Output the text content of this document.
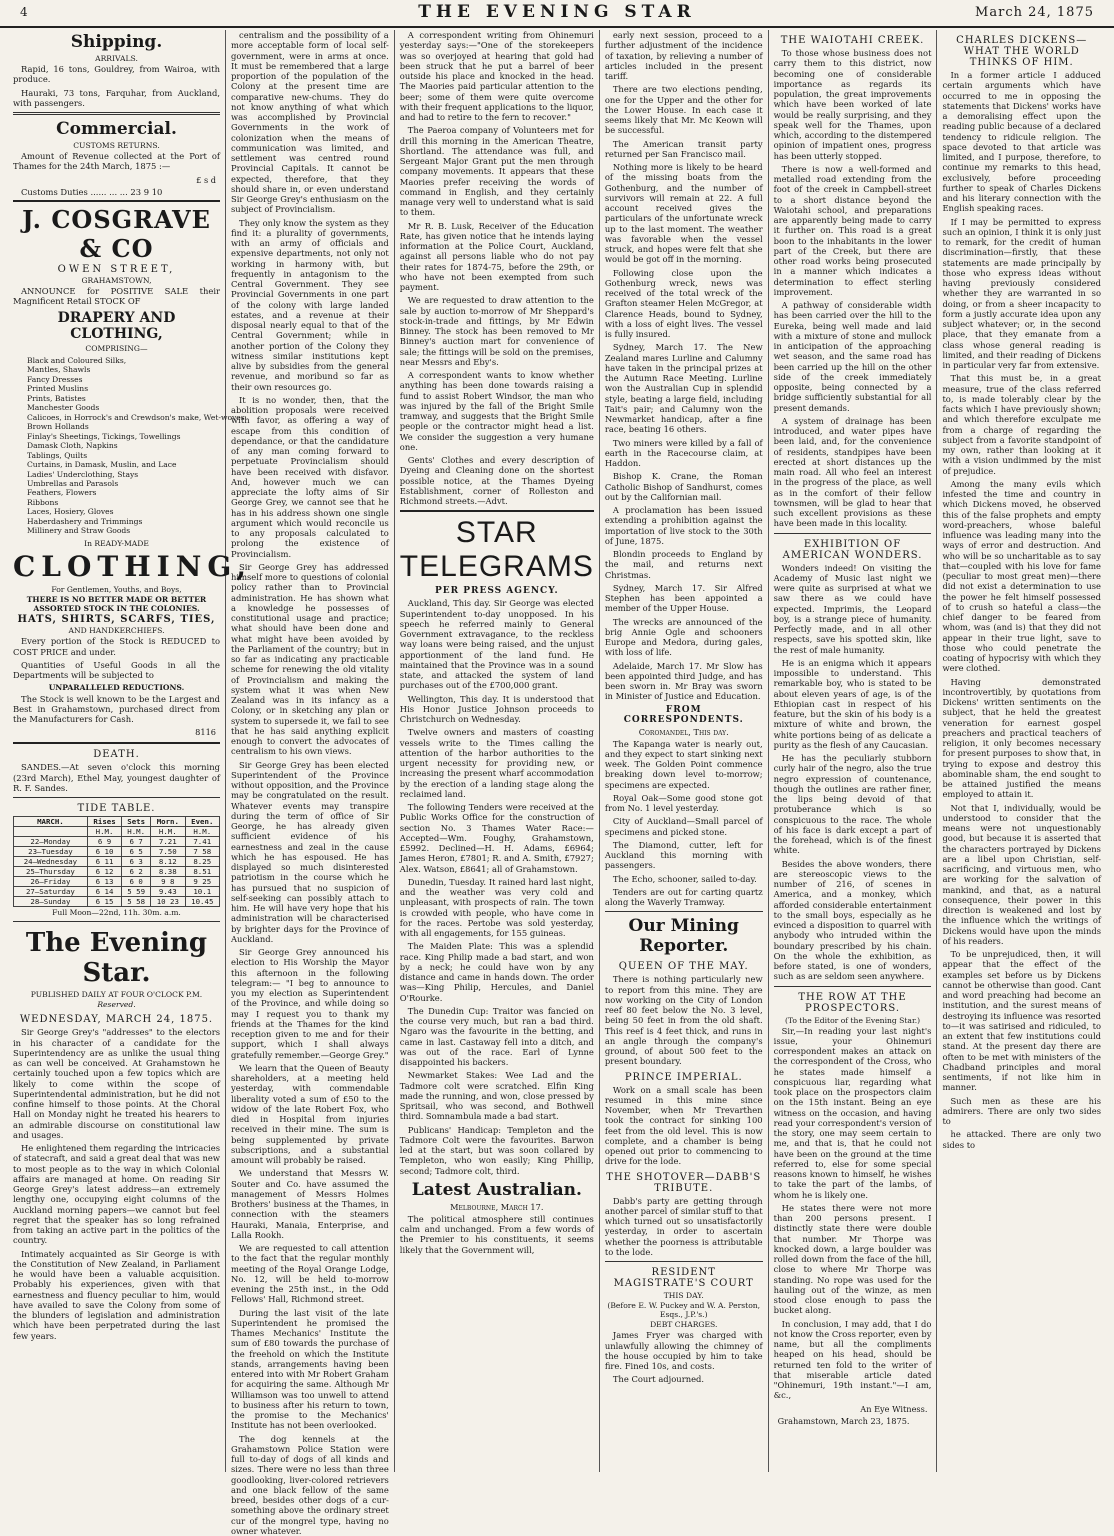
4	THE EVENING STAR	March 24, 1875
Shipping.
ARRIVALS.

Rapid, 16 tons, Gouldrey, from Wairoa, with produce.

Hauraki, 73 tons, Farquhar, from Auckland, with passengers.

Commercial.
CUSTOMS RETURNS.

Amount of Revenue collected at the Port of Thames for the 24th March, 1875 :—

£ s d

Customs Duties ...... ... ... 23 9 10

J. COSGRAVE & CO
OWEN STREET,
GRAHAMSTOWN,

ANNOUNCE for POSITIVE SALE their Magnificent Retail STOCK OF

DRAPERY AND CLOTHING,
COMPRISING—
Black and Coloured Silks,
Mantles, Shawls
Fancy Dresses
Printed Muslins
Prints, Batistes
Manchester Goods
Calicoes, in Horrock's and Crewdson's make, Wet-woves
Brown Hollands
Finlay's Sheetings, Tickings, Towellings
Damask Cloth, Napkins
Tablings, Quilts
Curtains, in Damask, Muslin, and Lace
Ladies' Underclothing, Stays
Umbrellas and Parasols
Feathers, Flowers
Ribbons
Laces, Hosiery, Gloves
Haberdashery and Trimmings
Millinery and Straw Goods
In READY-MADE
CLOTHING,
For Gentlemen, Youths, and Boys,
THERE IS NO BETTER MADE OR BETTER ASSORTED STOCK IN THE COLONIES.
HATS, SHIRTS, SCARFS, TIES,
AND HANDKERCHIEFS.

Every portion of the Stock is REDUCED to COST PRICE and under.

Quantities of Useful Goods in all the Departments will be subjected to

UNPARALLELED REDUCTIONS.

The Stock is well known to be the Largest and Best in Grahamstown, purchased direct from the Manufacturers for Cash.

8116
DEATH.

SANDES.—At seven o'clock this morning (23rd March), Ethel May, youngest daughter of R. F. Sandes.

TIDE TABLE.
MARCH.	Rises	Sets	Morn.	Even.
	H.M.	H.M.	H.M.	H.M.
22—Monday	6 9	6 7	7.21	7.41
23—Tuesday	6 10	6 5	7.50	7 58
24—Wednesday	6 11	6 3	8.12	8.25
25—Thursday	6 12	6 2	8.38	8.51
26—Friday	6 13	6 0	9 8	9 25
27—Saturday	6 14	5 59	9.43	10.1
28—Sunday	6 15	5 58	10 23	10.45
Full Moon—22nd, 11h. 30m. a.m.
The Evening Star.
PUBLISHED DAILY AT FOUR O'CLOCK P.M.
Reserved.
WEDNESDAY, MARCH 24, 1875.

Sir George Grey's "addresses" to the electors in his character of a candidate for the Superintendency are as unlike the usual thing as can well be conceived. At Grahamstown he certainly touched upon a few topics which are likely to come within the scope of Superintendental administration, but he did not confine himself to those points. At the Choral Hall on Monday night he treated his hearers to an admirable discourse on constitutional law and usages.

He enlightened them regarding the intricacies of statecraft, and said a great deal that was new to most people as to the way in which Colonial affairs are managed at home. On reading Sir George Grey's latest address—an extremely lengthy one, occupying eight columns of the Auckland morning papers—we cannot but feel regret that the speaker has so long refrained from taking an active part in the politics of the country.

Intimately acquainted as Sir George is with the Constitution of New Zealand, in Parliament he would have been a valuable acquisition. Probably his experiences, given with that earnestness and fluency peculiar to him, would have availed to save the Colony from some of the blunders of legislation and administration which have been perpetrated during the last few years.

centralism and the possibility of a more acceptable form of local self-government, were in arms at once. It must be remembered that a large proportion of the population of the Colony at the present time are comparative new-chums. They do not know anything of what which was accomplished by Provincial Governments in the work of colonization when the means of communication was limited, and settlement was centred round Provincial Capitals. It cannot be expected, therefore, that they should share in, or even understand Sir George Grey's enthusiasm on the subject of Provincialism.

They only know the system as they find it: a plurality of governments, with an army of officials and expensive departments, not only not working in harmony with, but frequently in antagonism to the Central Government. They see Provincial Governments in one part of the colony with large landed estates, and a revenue at their disposal nearly equal to that of the Central Government; while in another portion of the Colony they witness similar institutions kept alive by subsidies from the general revenue, and moribund so far as their own resources go.

It is no wonder, then, that the abolition proposals were received with favor, as offering a way of escape from this condition of dependance, or that the candidature of any man coming forward to perpetuate Provincialism should have been received with disfavor. And, however much we can appreciate the lofty aims of Sir George Grey, we cannot see that he has in his address shown one single argument which would reconcile us to any proposals calculated to prolong the existence of Provincialism.

Sir George Grey has addressed himself more to questions of colonial policy rather than to Provincial administration. He has shown what a knowledge he possesses of constitutional usage and practice; what should have been done and what might have been avoided by the Parliament of the country; but in so far as indicating any practicable scheme for renewing the old vitality of Provincialism and making the system what it was when New Zealand was in its infancy as a Colony, or in sketching any plan or system to supersede it, we fail to see that he has said anything explicit enough to convert the advocates of centralism to his own views.

Sir George Grey has been elected Superintendent of the Province without opposition, and the Province may be congratulated on the result. Whatever events may transpire during the term of office of Sir George, he has already given sufficient evidence of his earnestness and zeal in the cause which he has espoused. He has displayed so much disinterested patriotism in the course which he has pursued that no suspicion of self-seeking can possibly attach to him. He will have very hope that his administration will be characterised by brighter days for the Province of Auckland.

Sir George Grey announced his election to His Worship the Mayor this afternoon in the following telegram:— "I beg to announce to you my election as Superintendent of the Province, and while doing so may I request you to thank my friends at the Thames for the kind reception given to me and for their support, which I shall always gratefully remember.—George Grey."

We learn that the Queen of Beauty shareholders, at a meeting held yesterday, with commendable liberality voted a sum of £50 to the widow of the late Robert Fox, who died in Hospital from injuries received in their mine. The sum is being supplemented by private subscriptions, and a substantial amount will probably be raised.

We understand that Messrs W. Souter and Co. have assumed the management of Messrs Holmes Brothers' business at the Thames, in connection with the steamers Hauraki, Manaia, Enterprise, and Lalla Rookh.

We are requested to call attention to the fact that the regular monthly meeting of the Royal Orange Lodge, No. 12, will be held to-morrow evening the 25th inst., in the Odd Fellows' Hall, Richmond street.

During the last visit of the late Superintendent he promised the Thames Mechanics' Institute the sum of £80 towards the purchase of the freehold on which the Institute stands, arrangements having been entered into with Mr Robert Graham for acquiring the same. Although Mr Williamson was too unwell to attend to business after his return to town, the promise to the Mechanics' Institute has not been overlooked.

The dog kennels at the Grahamstown Police Station were full to-day of dogs of all kinds and sizes. There were no less than three goodlooking, liver-colored retrievers and one black fellow of the same breed, besides other dogs of a cur-something above the ordinary street cur of the mongrel type, having no owner whatever.

A correspondent writing from Ohinemuri yesterday says:—"One of the storekeepers was so overjoyed at hearing that gold had been struck that he put a barrel of beer outside his place and knocked in the head. The Maories paid particular attention to the beer; some of them were quite overcome with their frequent applications to the liquor, and had to retire to the fern to recover."

The Paeroa company of Volunteers met for drill this morning in the American Theatre, Shortland. The attendance was full, and Sergeant Major Grant put the men through company movements. It appears that these Maories prefer receiving the words of command in English, and they certainly manage very well to understand what is said to them.

Mr R. B. Lusk, Receiver of the Education Rate, has given notice that he intends laying information at the Police Court, Auckland, against all persons liable who do not pay their rates for 1874-75, before the 29th, or who have not been exempted from such payment.

We are requested to draw attention to the sale by auction to-morrow of Mr Sheppard's stock-in-trade and fittings, by Mr Edwin Binney. The stock has been removed to Mr Binney's auction mart for convenience of sale; the fittings will be sold on the premises, near Messrs and Eby's.

A correspondent wants to know whether anything has been done towards raising a fund to assist Robert Windsor, the man who was injured by the fall of the Bright Smile tramway, and suggests that the Bright Smile people or the contractor might head a list. We consider the suggestion a very humane one.

Gents' Clothes and every description of Dyeing and Cleaning done on the shortest possible notice, at the Thames Dyeing Establishment, corner of Rolleston and Richmond streets.—Advt.

STAR TELEGRAMS
PER PRESS AGENCY.

Auckland, This day. Sir George was elected Superintendent to-day unopposed. In his speech he referred mainly to General Government extravagance, to the reckless way loans were being raised, and the unjust apportionment of the land fund. He maintained that the Province was in a sound state, and attacked the system of land purchases out of the £700,000 grant.

Wellington, This day. It is understood that His Honor Justice Johnson proceeds to Christchurch on Wednesday.

Twelve owners and masters of coasting vessels write to the Times calling the attention of the harbor authorities to the urgent necessity for providing new, or increasing the present wharf accommodation by the erection of a landing stage along the reclaimed land.

The following Tenders were received at the Public Works Office for the construction of section No. 3 Thames Water Race:—Accepted—Wm. Foughy, Grahamstown, £5992. Declined—H. H. Adams, £6964; James Heron, £7801; R. and A. Smith, £7927; Alex. Watson, £8641; all of Grahamstown.

Dunedin, Tuesday. It rained hard last night, and the weather was very cold and unpleasant, with prospects of rain. The town is crowded with people, who have come in for the races. Pertobe was sold yesterday, with all engagements, for 155 guineas.

The Maiden Plate: This was a splendid race. King Philip made a bad start, and won by a neck; he could have won by any distance and came in hands down. The order was—King Philip, Hercules, and Daniel O'Rourke.

The Dunedin Cup: Traitor was fancied on the course very much, but ran a bad third. Ngaro was the favourite in the betting, and came in last. Castaway fell into a ditch, and was out of the race. Earl of Lynne disappointed his backers.

Newmarket Stakes: Wee Lad and the Tadmore colt were scratched. Elfin King made the running, and won, close pressed by Spritsail, who was second, and Bothwell third. Somnambula made a bad start.

Publicans' Handicap: Templeton and the Tadmore Colt were the favourites. Barwon led at the start, but was soon collared by Templeton, who won easily; King Phillip, second; Tadmore colt, third.

Latest Australian.
Melbourne, March 17.

The political atmosphere still continues calm and unchanged. From a few words of the Premier to his constituents, it seems likely that the Government will,

early next session, proceed to a further adjustment of the incidence of taxation, by relieving a number of articles included in the present tariff.

There are two elections pending, one for the Upper and the other for the Lower House. In each case it seems likely that Mr. Mc Keown will be successful.

The American transit party returned per San Francisco mail.

Nothing more is likely to be heard of the missing boats from the Gothenburg, and the number of survivors will remain at 22. A full account received gives the particulars of the unfortunate wreck up to the last moment. The weather was favorable when the vessel struck, and hopes were felt that she would be got off in the morning.

Following close upon the Gothenburg wreck, news was received of the total wreck of the Grafton steamer Helen McGregor, at Clarence Heads, bound to Sydney, with a loss of eight lives. The vessel is fully insured.

Sydney, March 17. The New Zealand mares Lurline and Calumny have taken in the principal prizes at the Autumn Race Meeting. Lurline won the Australian Cup in splendid style, beating a large field, including Tait's pair; and Calumny won the Newmarket handicap, after a fine race, beating 16 others.

Two miners were killed by a fall of earth in the Racecourse claim, at Haddon.

Bishop K. Crane, the Roman Catholic Bishop of Sandhurst, comes out by the Californian mail.

A proclamation has been issued extending a prohibition against the importation of live stock to the 30th of June, 1875.

Blondin proceeds to England by the mail, and returns next Christmas.

Sydney, March 17. Sir Alfred Stephen has been appointed a member of the Upper House.

The wrecks are announced of the brig Annie Ogle and schooners Europe and Medora, during gales, with loss of life.

Adelaide, March 17. Mr Slow has been appointed third Judge, and has been sworn in. Mr Bray was sworn in Minister of Justice and Education.

FROM CORRESPONDENTS.
Coromandel, This day.

The Kapanga water is nearly out, and they expect to start sinking next week. The Golden Point commence breaking down level to-morrow; specimens are expected.

Royal Oak—Some good stone got from No. 1 level yesterday.

City of Auckland—Small parcel of specimens and picked stone.

The Diamond, cutter, left for Auckland this morning with passengers.

The Echo, schooner, sailed to-day.

Tenders are out for carting quartz along the Waverly Tramway.

Our Mining Reporter.
QUEEN OF THE MAY.

There is nothing particularly new to report from this mine. They are now working on the City of London reef 80 feet below the No. 3 level, being 50 feet in from the old shaft. This reef is 4 feet thick, and runs in an angle through the company's ground, of about 500 feet to the present boundary.

PRINCE IMPERIAL.

Work on a small scale has been resumed in this mine since November, when Mr Trevarthen took the contract for sinking 100 feet from the old level. This is now complete, and a chamber is being opened out prior to commencing to drive for the lode.

THE SHOTOVER—DABB'S TRIBUTE.

Dabb's party are getting through another parcel of similar stuff to that which turned out so unsatisfactorily yesterday, in order to ascertain whether the poorness is attributable to the lode.

RESIDENT MAGISTRATE'S COURT
THIS DAY.
(Before E. W. Puckey and W. A. Perston, Esqs., J.P.'s.)
DEBT CHARGES.

James Fryer was charged with unlawfully allowing the chimney of the house occupied by him to take fire. Fined 10s, and costs.

The Court adjourned.

THE WAIOTAHI CREEK.

To those whose business does not carry them to this district, now becoming one of considerable importance as regards its population, the great improvements which have been worked of late would be really surprising, and they speak well for the Thames, upon which, according to the distempered opinion of impatient ones, progress has been utterly stopped.

There is now a well-formed and metalled road extending from the foot of the creek in Campbell-street to a short distance beyond the Waiotahi school, and preparations are apparently being made to carry it further on. This road is a great boon to the inhabitants in the lower part of the Creek, but there are other road works being prosecuted in a manner which indicates a determination to effect sterling improvement.

A pathway of considerable width has been carried over the hill to the Eureka, being well made and laid with a mixture of stone and mullock in anticipation of the approaching wet season, and the same road has been carried up the hill on the other side of the creek immediately opposite, being connected by a bridge sufficiently substantial for all present demands.

A system of drainage has been introduced, and water pipes have been laid, and, for the convenience of residents, standpipes have been erected at short distances up the main road. All who feel an interest in the progress of the place, as well as in the comfort of their fellow townsmen, will be glad to hear that such excellent provisions as these have been made in this locality.

EXHIBITION OF AMERICAN WONDERS.

Wonders indeed! On visiting the Academy of Music last night we were quite as surprised at what we saw there as we could have expected. Imprimis, the Leopard boy, is a strange piece of humanity. Perfectly made, and in all other respects, save his spotted skin, like the rest of male humanity.

He is an enigma which it appears impossible to understand. This remarkable boy, who is stated to be about eleven years of age, is of the Ethiopian cast in respect of his feature, but the skin of his body is a mixture of white and brown, the white portions being of as delicate a purity as the flesh of any Caucasian.

He has the peculiarly stubborn curly hair of the negro, also the true negro expression of countenance, though the outlines are rather finer, the lips being devoid of that protuberance which is so conspicuous to the race. The whole of his face is dark except a part of the forehead, which is of the finest white.

Besides the above wonders, there are stereoscopic views to the number of 216, of scenes in America, and a monkey, which afforded considerable entertainment to the small boys, especially as he evinced a disposition to quarrel with anybody who intruded within the boundary prescribed by his chain. On the whole the exhibition, as before stated, is one of wonders, such as are seldom seen anywhere.

THE ROW AT THE PROSPECTORS.
(To the Editor of the Evening Star.)

Sir,—In reading your last night's issue, your Ohinemuri correspondent makes an attack on the correspondent of the Cross, who he states made himself a conspicuous liar, regarding what took place on the prospectors claim on the 15th instant. Being an eye witness on the occasion, and having read your correspondent's version of the story, one may seem certain to me, and that is, that he could not have been on the ground at the time referred to, else for some special reasons known to himself, he wishes to take the part of the lambs, of whom he is likely one.

He states there were not more than 200 persons present. I distinctly state there were double that number. Mr Thorpe was knocked down, a large boulder was rolled down from the face of the hill, close to where Mr Thorpe was standing. No rope was used for the hauling out of the winze, as men stood close enough to pass the bucket along.

In conclusion, I may add, that I do not know the Cross reporter, even by name, but all the compliments heaped on his head, should be returned ten fold to the writer of that miserable article dated "Ohinemuri, 19th instant."—I am, &c.,

An Eye Witness.
Grahamstown, March 23, 1875.
CHARLES DICKENS—WHAT THE WORLD THINKS OF HIM.

In a former article I adduced certain arguments which have occurred to me in opposing the statements that Dickens' works have a demoralising effect upon the reading public because of a declared tendency to ridicule religion. The space devoted to that article was limited, and I purpose, therefore, to continue my remarks to this head, exclusively, before proceeding further to speak of Charles Dickens and his literary connection with the English speaking races.

If I may be permitted to express such an opinion, I think it is only just to remark, for the credit of human discrimination—firstly, that these statements are made principally by those who express ideas without having previously considered whether they are warranted in so doing, or from a sheer incapacity to form a justly accurate idea upon any subject whatever; or, in the second place, that they emanate from a class whose general reading is limited, and their reading of Dickens in particular very far from extensive.

That this must be, in a great measure, true of the class referred to, is made tolerably clear by the facts which I have previously shown; and which therefore exculpate me from a charge of regarding the subject from a favorite standpoint of my own, rather than looking at it with a vision undimmed by the mist of prejudice.

Among the many evils which infested the time and country in which Dickens moved, he observed this of the false prophets and empty word-preachers, whose baleful influence was leading many into the ways of error and destruction. And who will be so uncharitable as to say that—coupled with his love for fame (peculiar to most great men)—there did not exist a determination to use the power he felt himself possessed of to crush so hateful a class—the chief danger to be feared from whom, was (and is) that they did not appear in their true light, save to those who could penetrate the coating of hypocrisy with which they were clothed.

Having demonstrated incontrovertibly, by quotations from Dickens' written sentiments on the subject, that he held the greatest veneration for earnest gospel preachers and practical teachers of religion, it only becomes necessary for present purposes to show that, in trying to expose and destroy this abominable sham, the end sought to be attained justified the means employed to attain it.

Not that I, individually, would be understood to consider that the means were not unquestionably good, but because it is asserted that the characters portrayed by Dickens are a libel upon Christian, self-sacrificing, and virtuous men, who are working for the salvation of mankind, and that, as a natural consequence, their power in this direction is weakened and lost by the influence which the writings of Dickens would have upon the minds of his readers.

To be unprejudiced, then, it will appear that the effect of the examples set before us by Dickens cannot be otherwise than good. Cant and word preaching had become an institution, and the surest means of destroying its influence was resorted to—it was satirised and ridiculed, to an extent that few institutions could stand. At the present day there are often to be met with ministers of the Chadband principles and moral sentiments, if not like him in manner.

Such men as these are his admirers. There are only two sides to

he attacked. There are only two sides to
